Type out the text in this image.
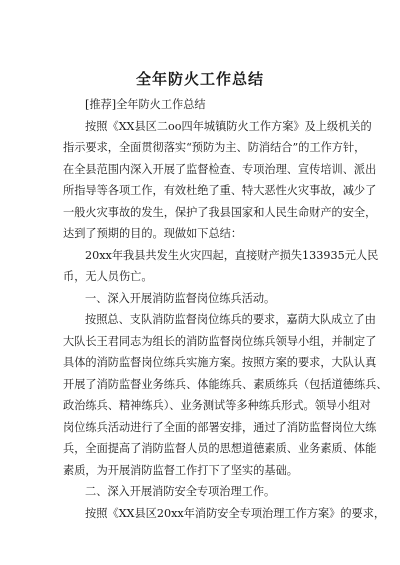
全年防火工作总结
[推荐]全年防火工作总结
按照《XX县区二oo四年城镇防火工作方案》及上级机关的
指示要求，全面贯彻落实“预防为主、防消结合”的工作方针，
在全县范围内深入开展了监督检查、专项治理、宣传培训、派出
所指导等各项工作，有效杜绝了重、特大恶性火灾事故，减少了
一般火灾事故的发生，保护了我县国家和人民生命财产的安全，
达到了预期的目的。现做如下总结：
20xx年我县共发生火灾四起，直接财产损失133935元人民
币，无人员伤亡。
一、深入开展消防监督岗位练兵活动。
按照总、支队消防监督岗位练兵的要求，嘉荫大队成立了由
大队长王君同志为组长的消防监督岗位练兵领导小组，并制定了
具体的消防监督岗位练兵实施方案。按照方案的要求，大队认真
开展了消防监督业务练兵、体能练兵、素质练兵（包括道德练兵、
政治练兵、精神练兵）、业务测试等多种练兵形式。领导小组对
岗位练兵活动进行了全面的部署安排，通过了消防监督岗位大练
兵，全面提高了消防监督人员的思想道德素质、业务素质、体能
素质，为开展消防监督工作打下了坚实的基础。
二、深入开展消防安全专项治理工作。
按照《XX县区20xx年消防安全专项治理工作方案》的要求，
